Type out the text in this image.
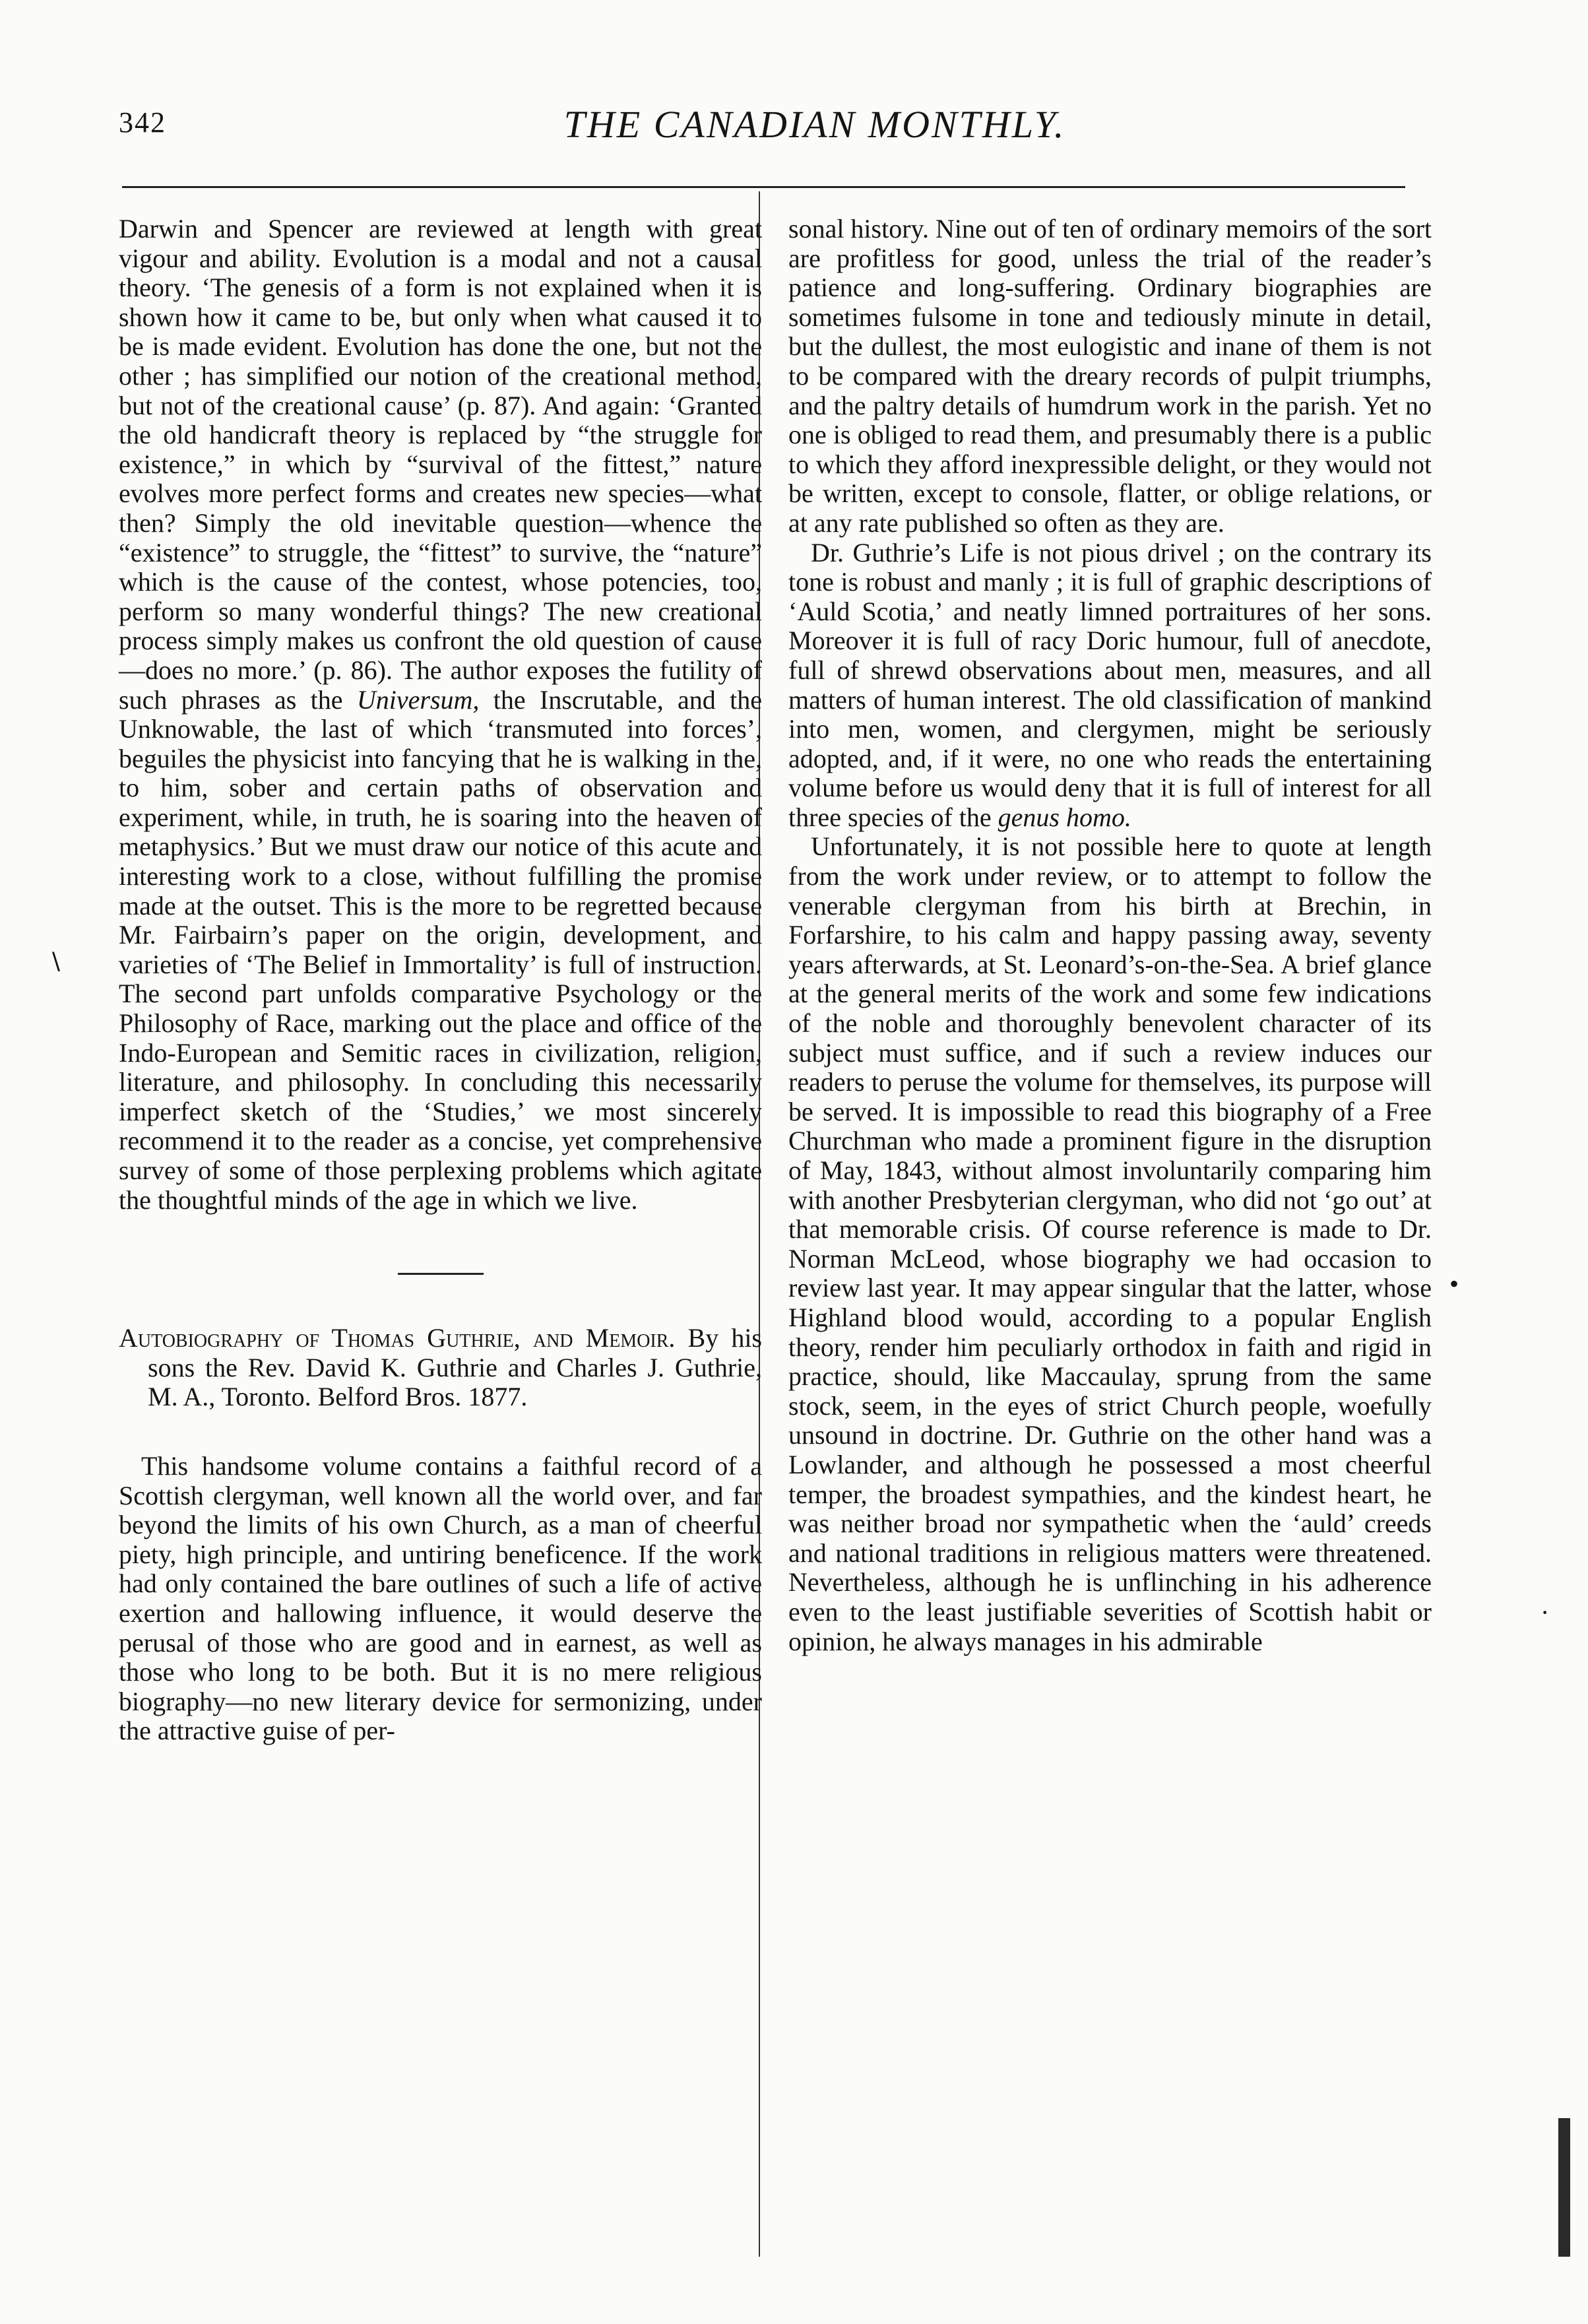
342	THE CANADIAN MONTHLY.

Darwin and Spencer are reviewed at length with great vigour and ability. Evolution is a modal and not a causal theory. ‘The genesis of a form is not explained when it is shown how it came to be, but only when what caused it to be is made evident. Evolution has done the one, but not the other ; has simplified our notion of the creational method, but not of the creational cause’ (p. 87). And again: ‘Granted the old handicraft theory is replaced by “the struggle for existence,” in which by “survival of the fittest,” nature evolves more perfect forms and creates new species—what then? Simply the old inevitable question—whence the “existence” to struggle, the “fittest” to survive, the “nature” which is the cause of the contest, whose potencies, too, perform so many wonderful things? The new creational process simply makes us confront the old question of cause—does no more.’ (p. 86). The author exposes the futility of such phrases as the Universum, the Inscrutable, and the Unknowable, the last of which ‘transmuted into forces’, beguiles the physicist into fancying that he is walking in the, to him, sober and certain paths of observation and experiment, while, in truth, he is soaring into the heaven of metaphysics.’ But we must draw our notice of this acute and interesting work to a close, without fulfilling the promise made at the outset. This is the more to be regretted because Mr. Fairbairn’s paper on the origin, development, and varieties of ‘The Belief in Immortality’ is full of instruction. The second part unfolds comparative Psychology or the Philosophy of Race, marking out the place and office of the Indo-European and Semitic races in civilization, religion, literature, and philosophy. In concluding this necessarily imperfect sketch of the ‘Studies,’ we most sincerely recommend it to the reader as a concise, yet comprehensive survey of some of those perplexing problems which agitate the thoughtful minds of the age in which we live.

Autobiography of Thomas Guthrie, and Memoir. By his sons the Rev. David K. Guthrie and Charles J. Guthrie, M. A., Toronto. Belford Bros. 1877.

This handsome volume contains a faithful record of a Scottish clergyman, well known all the world over, and far beyond the limits of his own Church, as a man of cheerful piety, high principle, and untiring beneficence. If the work had only contained the bare outlines of such a life of active exertion and hallowing influence, it would deserve the perusal of those who are good and in earnest, as well as those who long to be both. But it is no mere religious biography—no new literary device for sermonizing, under the attractive guise of per-

sonal history. Nine out of ten of ordinary memoirs of the sort are profitless for good, unless the trial of the reader’s patience and long-suffering. Ordinary biographies are sometimes fulsome in tone and tediously minute in detail, but the dullest, the most eulogistic and inane of them is not to be compared with the dreary records of pulpit triumphs, and the paltry details of humdrum work in the parish. Yet no one is obliged to read them, and presumably there is a public to which they afford inexpressible delight, or they would not be written, except to console, flatter, or oblige relations, or at any rate published so often as they are.

Dr. Guthrie’s Life is not pious drivel ; on the contrary its tone is robust and manly ; it is full of graphic descriptions of ‘Auld Scotia,’ and neatly limned portraitures of her sons. Moreover it is full of racy Doric humour, full of anecdote, full of shrewd observations about men, measures, and all matters of human interest. The old classification of mankind into men, women, and clergymen, might be seriously adopted, and, if it were, no one who reads the entertaining volume before us would deny that it is full of interest for all three species of the genus homo.

Unfortunately, it is not possible here to quote at length from the work under review, or to attempt to follow the venerable clergyman from his birth at Brechin, in Forfarshire, to his calm and happy passing away, seventy years afterwards, at St. Leonard’s-on-the-Sea. A brief glance at the general merits of the work and some few indications of the noble and thoroughly benevolent character of its subject must suffice, and if such a review induces our readers to peruse the volume for themselves, its purpose will be served. It is impossible to read this biography of a Free Churchman who made a prominent figure in the disruption of May, 1843, without almost involuntarily comparing him with another Presbyterian clergyman, who did not ‘go out’ at that memorable crisis. Of course reference is made to Dr. Norman McLeod, whose biography we had occasion to review last year. It may appear singular that the latter, whose Highland blood would, according to a popular English theory, render him peculiarly orthodox in faith and rigid in practice, should, like Maccaulay, sprung from the same stock, seem, in the eyes of strict Church people, woefully unsound in doctrine. Dr. Guthrie on the other hand was a Lowlander, and although he possessed a most cheerful temper, the broadest sympathies, and the kindest heart, he was neither broad nor sympathetic when the ‘auld’ creeds and national traditions in religious matters were threatened. Nevertheless, although he is unflinching in his adherence even to the least justifiable severities of Scottish habit or opinion, he always manages in his admirable

∖
•
·
